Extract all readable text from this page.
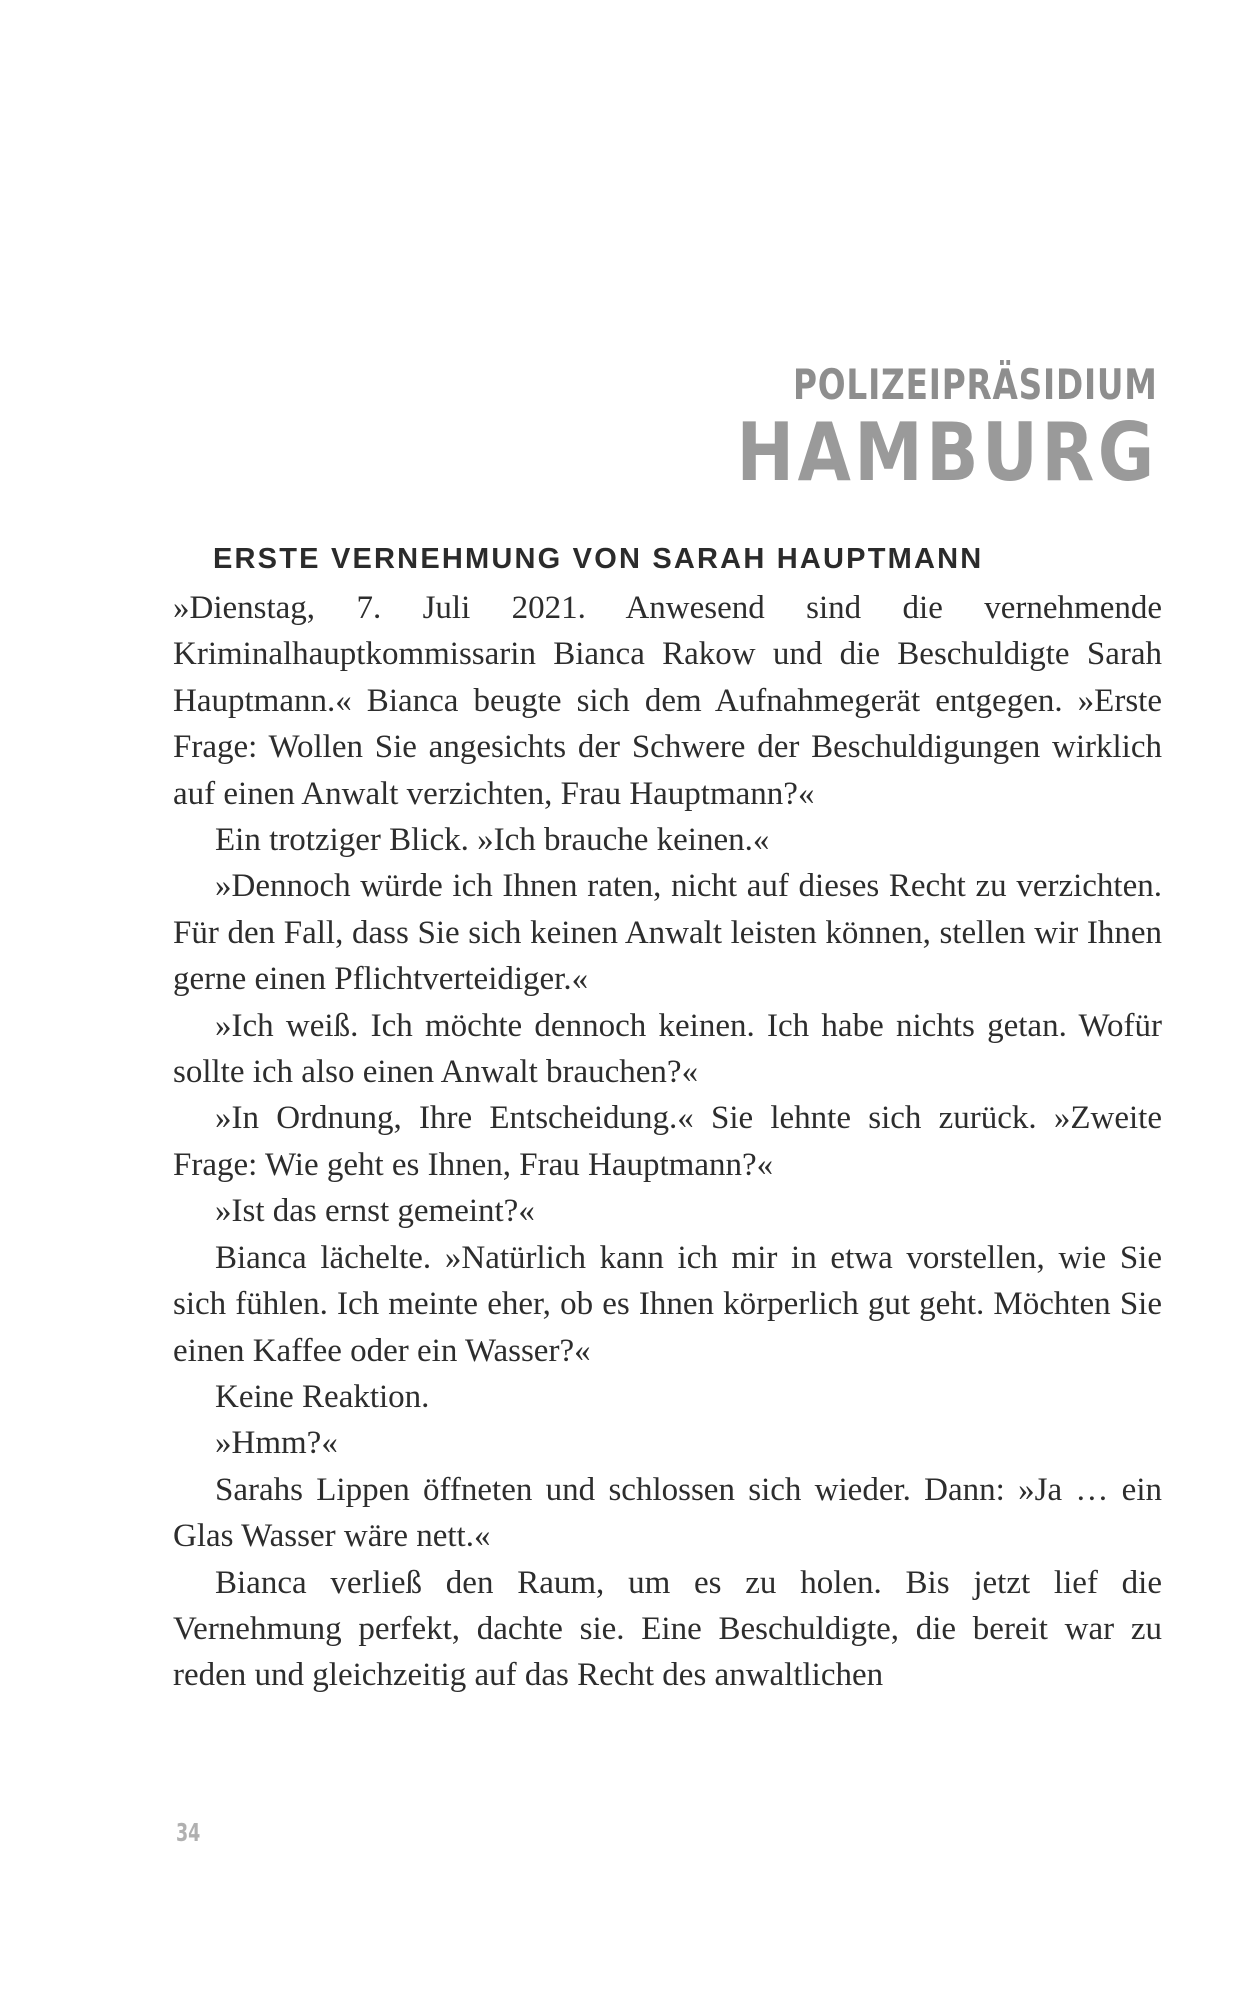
POLIZEIPRÄSIDIUM
HAMBURG
ERSTE VERNEHMUNG VON SARAH HAUPTMANN

»Dienstag, 7. Juli 2021. Anwesend sind die vernehmende Kriminalhauptkommissarin Bianca Rakow und die Beschuldigte Sarah Hauptmann.« Bianca beugte sich dem Aufnahmegerät entgegen. »Erste Frage: Wollen Sie angesichts der Schwere der Beschuldigungen wirklich auf einen Anwalt verzichten, Frau Hauptmann?«

Ein trotziger Blick. »Ich brauche keinen.«

»Dennoch würde ich Ihnen raten, nicht auf dieses Recht zu verzichten. Für den Fall, dass Sie sich keinen Anwalt leisten können, stellen wir Ihnen gerne einen Pflichtverteidiger.«

»Ich weiß. Ich möchte dennoch keinen. Ich habe nichts getan. Wofür sollte ich also einen Anwalt brauchen?«

»In Ordnung, Ihre Entscheidung.« Sie lehnte sich zurück. »Zweite Frage: Wie geht es Ihnen, Frau Hauptmann?«

»Ist das ernst gemeint?«

Bianca lächelte. »Natürlich kann ich mir in etwa vorstellen, wie Sie sich fühlen. Ich meinte eher, ob es Ihnen körperlich gut geht. Möchten Sie einen Kaffee oder ein Wasser?«

Keine Reaktion.

»Hmm?«

Sarahs Lippen öffneten und schlossen sich wieder. Dann: »Ja … ein Glas Wasser wäre nett.«

Bianca verließ den Raum, um es zu holen. Bis jetzt lief die Vernehmung perfekt, dachte sie. Eine Beschuldigte, die bereit war zu reden und gleichzeitig auf das Recht des anwaltlichen

34
